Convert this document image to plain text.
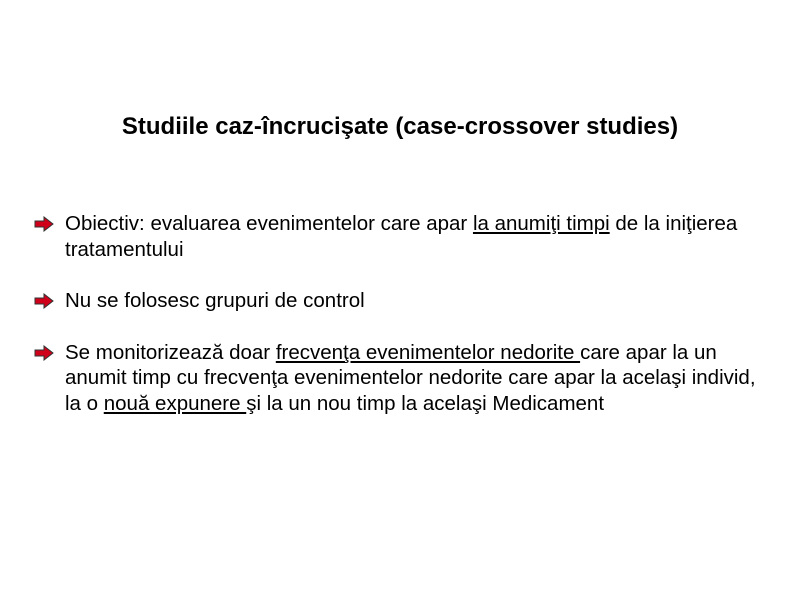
Studiile caz-încrucişate (case-crossover studies)
Obiectiv: evaluarea evenimentelor care apar la anumiţi timpi de la iniţierea tratamentului
Nu se folosesc grupuri de control
Se monitorizează doar frecvenţa evenimentelor nedorite care apar la un anumit timp cu frecvenţa evenimentelor nedorite care apar la acelaşi individ, la o nouă expunere şi la un nou timp la acelaşi Medicament
